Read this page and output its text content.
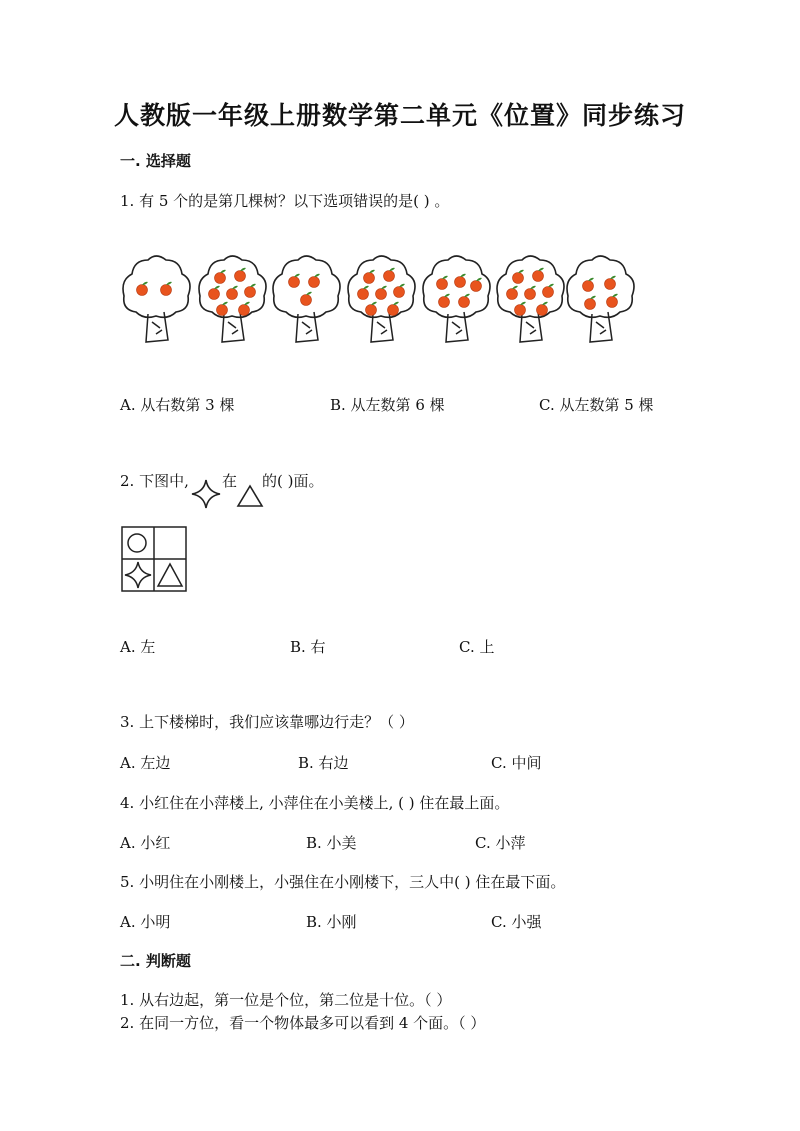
人教版一年级上册数学第二单元《位置》同步练习
一. 选择题
1. 有 5 个的是第几棵树？以下选项错误的是( ) 。
A. 从右数第 3 棵	B. 从左数第 6 棵	C. 从左数第 5 棵
2. 下图中, 在 的( )面。
A. 左	B. 右	C. 上
3. 上下楼梯时，我们应该靠哪边行走？（ ）
A. 左边	B. 右边	C. 中间
4. 小红住在小萍楼上, 小萍住在小美楼上, ( ) 住在最上面。
A. 小红	B. 小美	C. 小萍
5. 小明住在小刚楼上，小强住在小刚楼下，三人中( ) 住在最下面。
A. 小明	B. 小刚	C. 小强
二. 判断题
1. 从右边起，第一位是个位，第二位是十位。（ ）
2. 在同一方位，看一个物体最多可以看到 4 个面。（ ）
